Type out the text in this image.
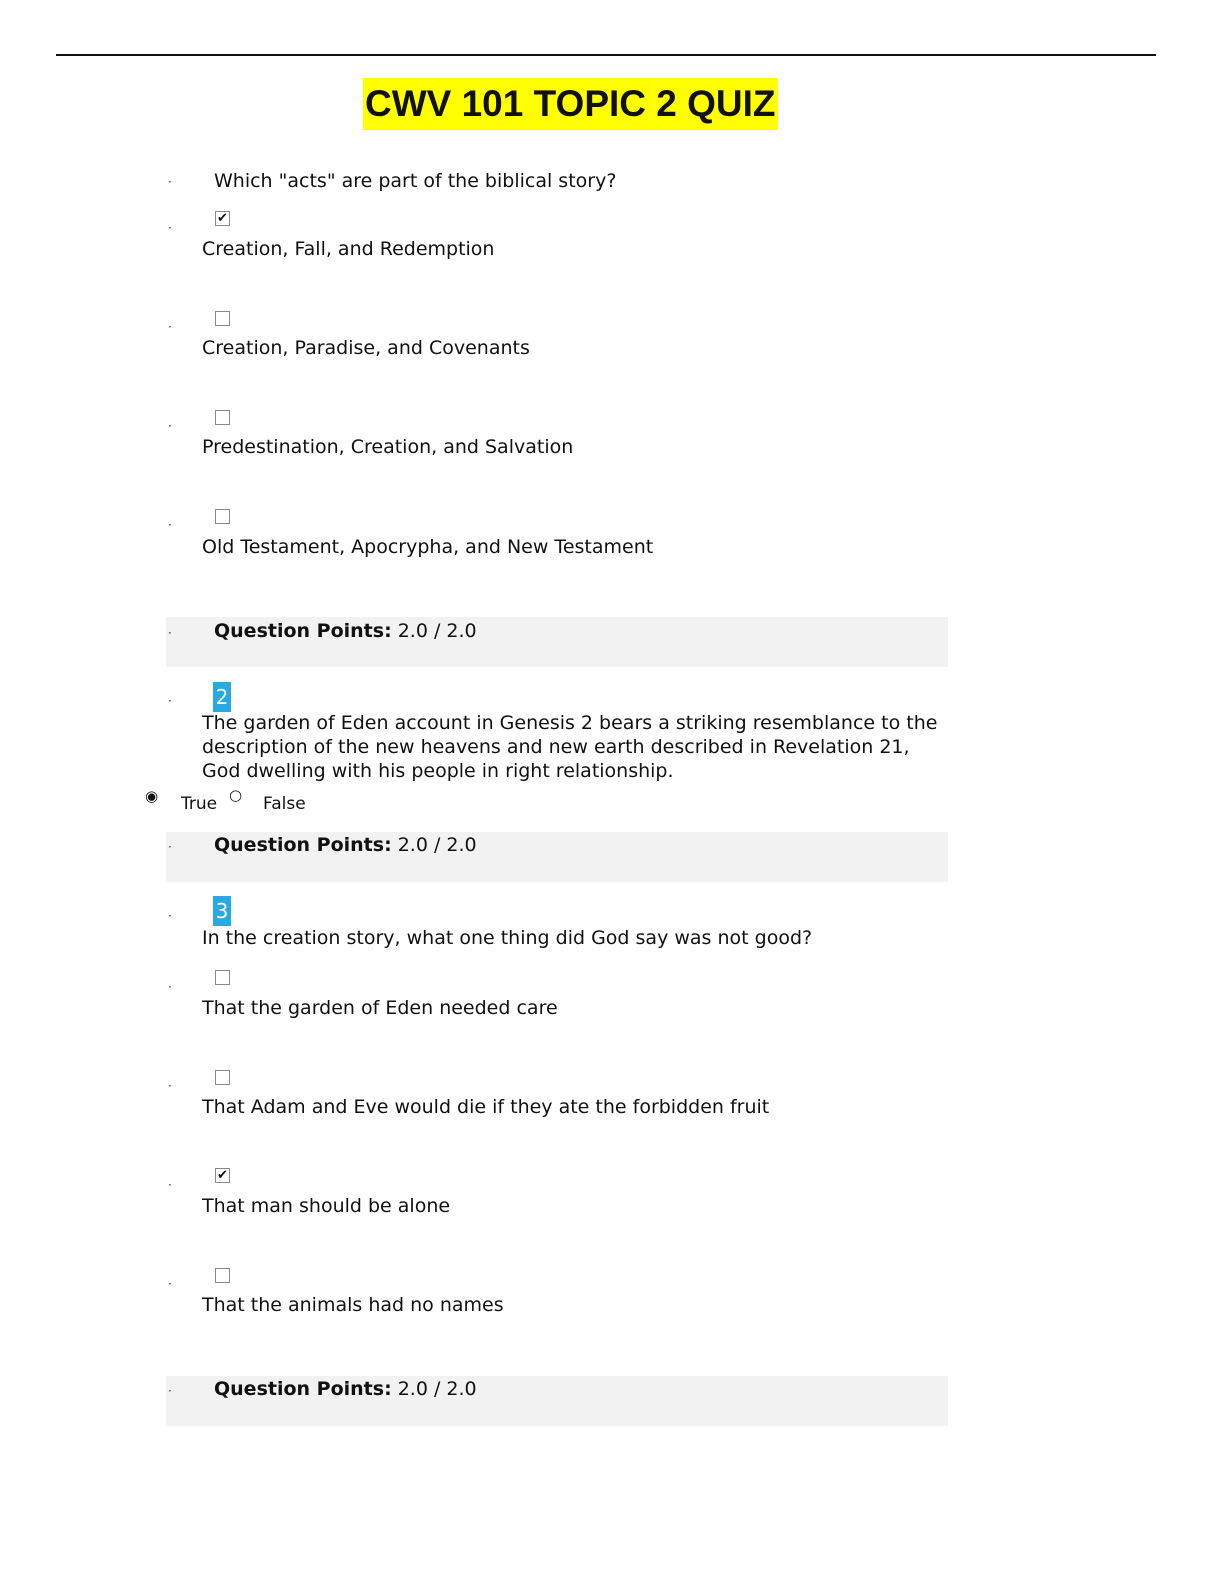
CWV 101 TOPIC 2 QUIZ
· Which "acts" are part of the biblical story?
·
✔
Creation, Fall, and Redemption
·
Creation, Paradise, and Covenants
·
Predestination, Creation, and Salvation
·
Old Testament, Apocrypha, and New Testament
· Question Points: 2.0 / 2.0
· 2
The garden of Eden account in Genesis 2 bears a striking resemblance to the
description of the new heavens and new earth described in Revelation 21,
God dwelling with his people in right relationship.
◉ True ○ False
· Question Points: 2.0 / 2.0
· 3
In the creation story, what one thing did God say was not good?
·
That the garden of Eden needed care
·
That Adam and Eve would die if they ate the forbidden fruit
·
✔
That man should be alone
·
That the animals had no names
· Question Points: 2.0 / 2.0
